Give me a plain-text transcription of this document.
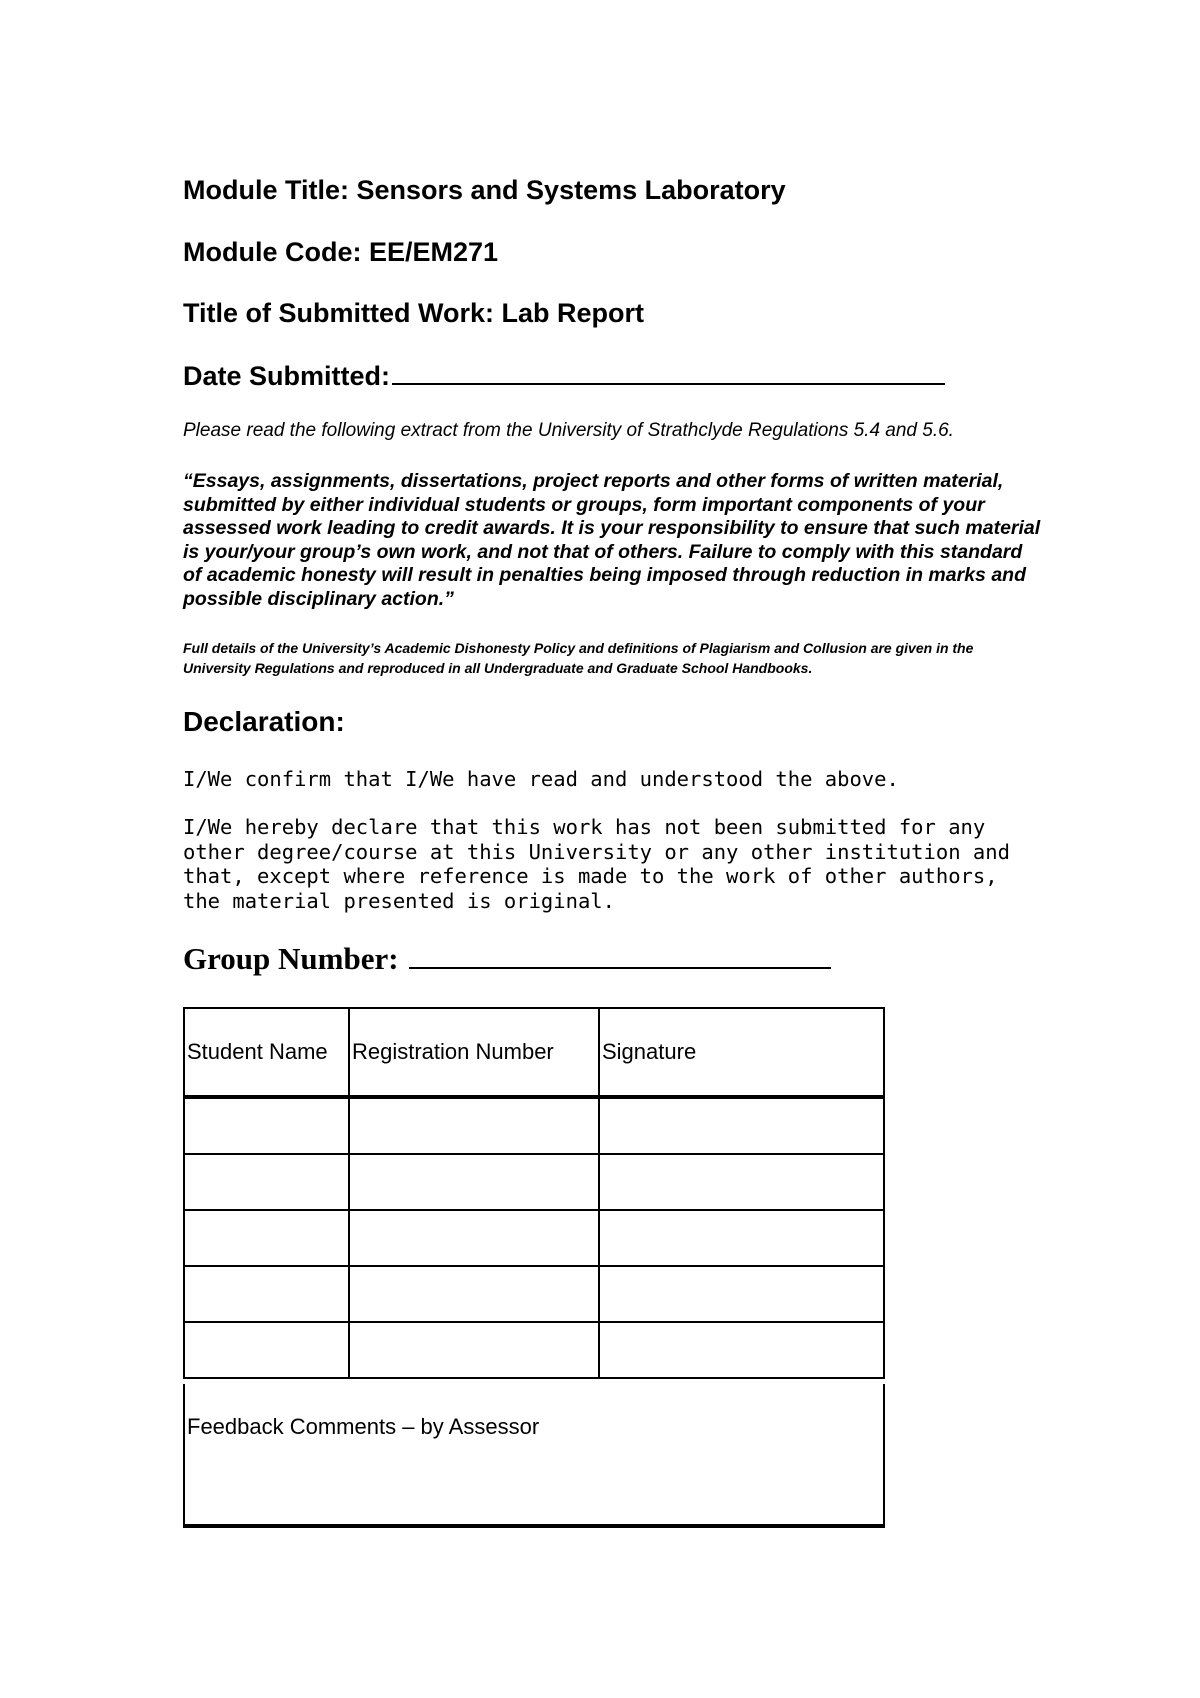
Module Title: Sensors and Systems Laboratory
Module Code: EE/EM271
Title of Submitted Work: Lab Report
Date Submitted:
Please read the following extract from the University of Strathclyde Regulations 5.4 and 5.6.
“Essays, assignments, dissertations, project reports and other forms of written material, submitted by either individual students or groups, form important components of your assessed work leading to credit awards. It is your responsibility to ensure that such material is your/your group’s own work, and not that of others. Failure to comply with this standard of academic honesty will result in penalties being imposed through reduction in marks and possible disciplinary action.”
Full details of the University’s Academic Dishonesty Policy and definitions of Plagiarism and Collusion are given in the University Regulations and reproduced in all Undergraduate and Graduate School Handbooks.
Declaration:
I/We confirm that I/We have read and understood the above.
I/We hereby declare that this work has not been submitted for any other degree/course at this University or any other institution and that, except where reference is made to the work of other authors, the material presented is original.
Group Number:
Student Name	Registration Number	Signature

Feedback Comments – by Assessor
